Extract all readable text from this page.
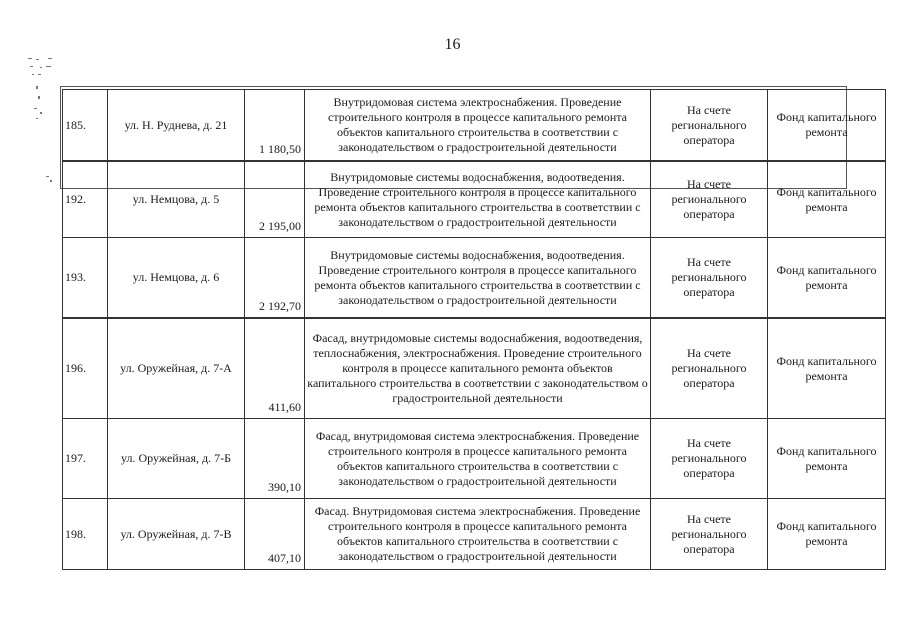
16
185.	ул. Н. Руднева, д. 21	1 180,50	Внутридомовая система электроснабжения. Проведение строительного контроля в процессе капитального ремонта объектов капитального строительства в соответствии с законодательством о градостроительной деятельности	На счете регионального оператора	Фонд капитального ремонта
192.	ул. Немцова, д. 5	2 195,00	Внутридомовые системы водоснабжения, водоотведения. Проведение строительного контроля в процессе капитального ремонта объектов капитального строительства в соответствии с законодательством о градостроительной деятельности	На счете регионального оператора	Фонд капитального ремонта
193.	ул. Немцова, д. 6	2 192,70	Внутридомовые системы водоснабжения, водоотведения. Проведение строительного контроля в процессе капитального ремонта объектов капитального строительства в соответствии с законодательством о градостроительной деятельности	На счете регионального оператора	Фонд капитального ремонта
196.	ул. Оружейная, д. 7-А	411,60	Фасад, внутридомовые системы водоснабжения, водоотведения, теплоснабжения, электроснабжения. Проведение строительного контроля в процессе капитального ремонта объектов капитального строительства в соответствии с законодательством о градостроительной деятельности	На счете регионального оператора	Фонд капитального ремонта
197.	ул. Оружейная, д. 7-Б	390,10	Фасад, внутридомовая система электроснабжения. Проведение строительного контроля в процессе капитального ремонта объектов капитального строительства в соответствии с законодательством о градостроительной деятельности	На счете регионального оператора	Фонд капитального ремонта
198.	ул. Оружейная, д. 7-В	407,10	Фасад. Внутридомовая система электроснабжения. Проведение строительного контроля в процессе капитального ремонта объектов капитального строительства в соответствии с законодательством о градостроительной деятельности	На счете регионального оператора	Фонд капитального ремонта
